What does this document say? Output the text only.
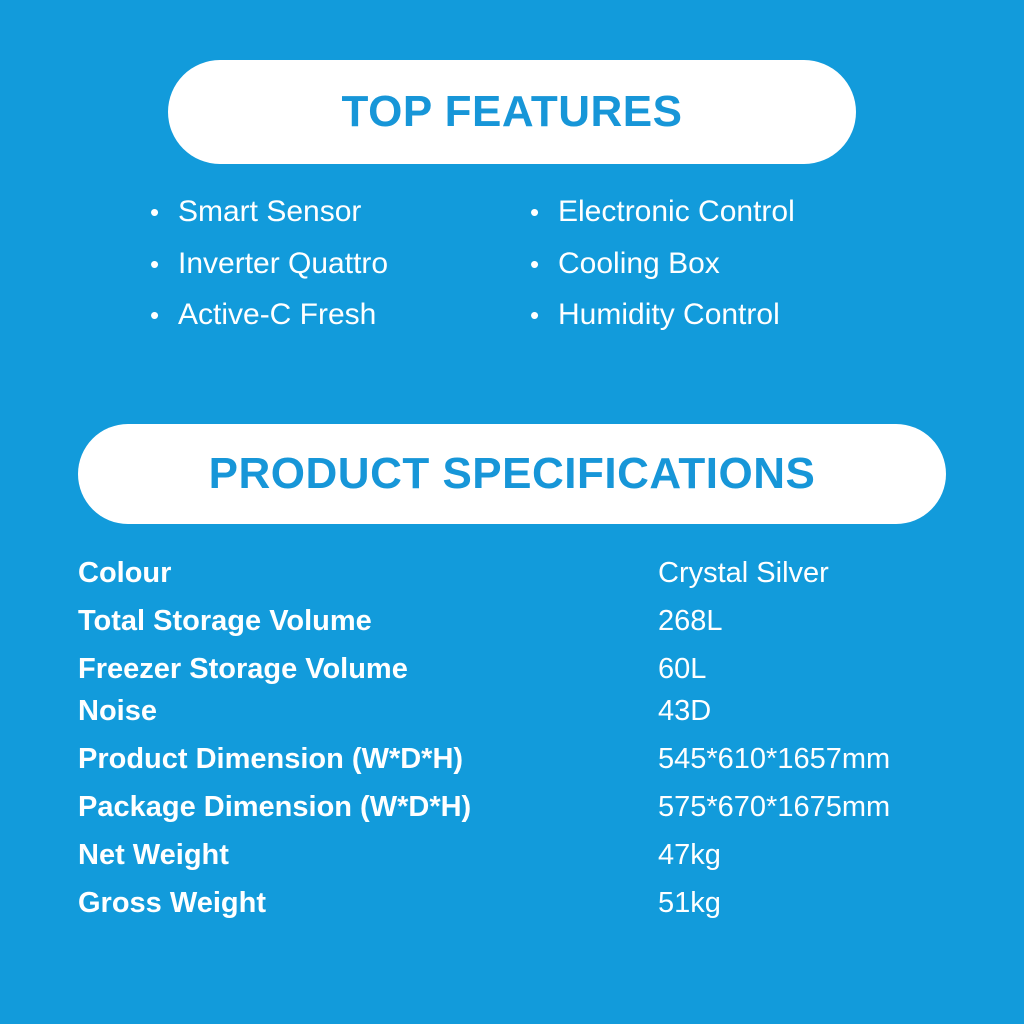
TOP FEATURES
• Smart Sensor
• Inverter Quattro
• Active-C Fresh
• Electronic Control
• Cooling Box
• Humidity Control
PRODUCT SPECIFICATIONS
Colour	Crystal Silver
Total Storage Volume	268L
Freezer Storage Volume	60L
Noise	43D
Product Dimension (W*D*H)	545*610*1657mm
Package Dimension (W*D*H)	575*670*1675mm
Net Weight	47kg
Gross Weight	51kg
